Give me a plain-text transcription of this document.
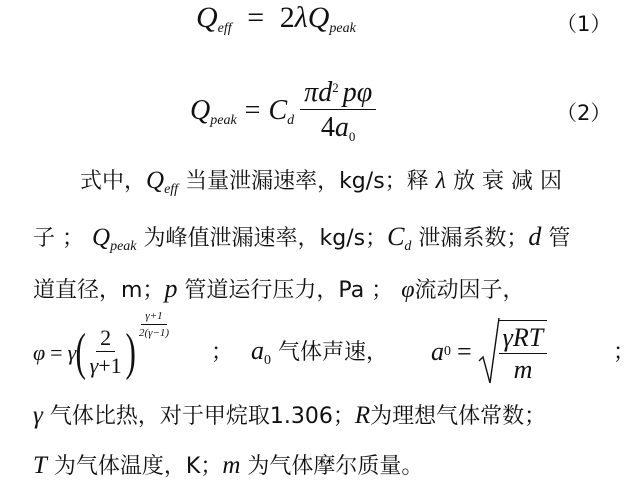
$Q_{eff} = 2\lambda Q_{peak}$	（1）
$Q_{peak} = C_d \frac{\pi d^2 p\varphi}{4a0}$	（2）
式中，$Q_{eff}$ 当量泄漏速率，kg/s；释 λ 放 衰 减 因
子 ； $Q_{peak}$ 为峰值泄漏速率，kg/s；$C_d$ 泄漏系数；d 管
道直径，m；p 管道运行压力，Pa ； φ流动因子，
φ = γ ( $\frac{2}{\gamma+1}$ ) $\frac{\gamma+1}{2(\gamma-1)}$
； $a_0$ 气体声速， a $0 = \frac{\text{γRT}}{m}$	；
γ 气体比热，对于甲烷取1.306；R为理想气体常数；
T 为气体温度，K；m 为气体摩尔质量。
